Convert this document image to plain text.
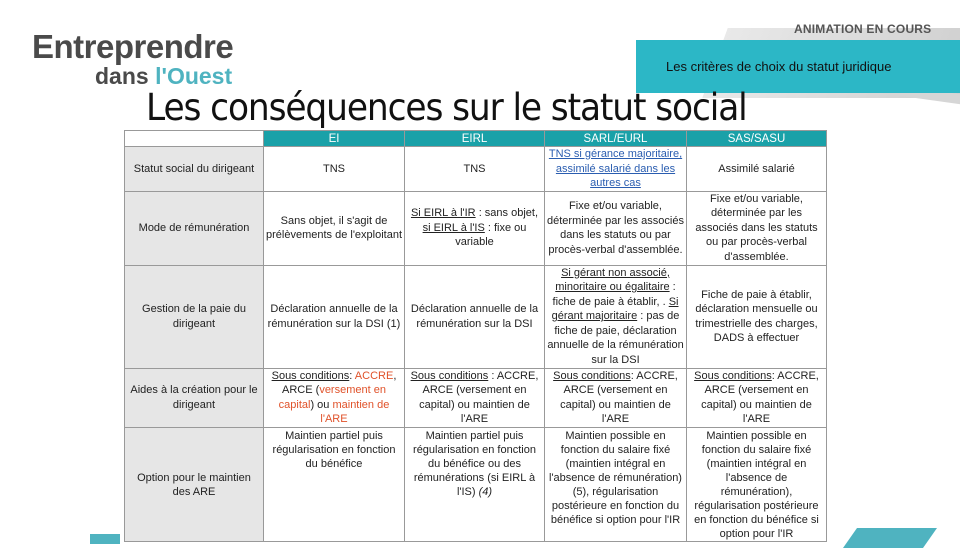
ANIMATION EN COURS
Les critères de choix du statut juridique
Entreprendre
dans l'Ouest
Les conséquences sur le statut social
	EI	EIRL	SARL/EURL	SAS/SASU
Statut social du dirigeant	TNS	TNS	TNS si gérance majoritaire, assimilé salarié dans les autres cas	Assimilé salarié
Mode de rémunération	Sans objet, il s'agit de prélèvements de l'exploitant	Si EIRL à l'IR : sans objet, si EIRL à l'IS : fixe ou variable	Fixe et/ou variable, déterminée par les associés dans les statuts ou par procès-verbal d'assemblée.	Fixe et/ou variable, déterminée par les associés dans les statuts ou par procès-verbal d'assemblée.
Gestion de la paie du dirigeant	Déclaration annuelle de la rémunération sur la DSI (1)	Déclaration annuelle de la rémunération sur la DSI	Si gérant non associé, minoritaire ou égalitaire : fiche de paie à établir, . Si gérant majoritaire : pas de fiche de paie, déclaration annuelle de la rémunération sur la DSI	Fiche de paie à établir, déclaration mensuelle ou trimestrielle des charges, DADS à effectuer
Aides à la création pour le dirigeant	Sous conditions: ACCRE, ARCE (versement en capital) ou maintien de l'ARE	Sous conditions : ACCRE, ARCE (versement en capital) ou maintien de l'ARE	Sous conditions: ACCRE, ARCE (versement en capital) ou maintien de l'ARE	Sous conditions: ACCRE, ARCE (versement en capital) ou maintien de l'ARE
Option pour le maintien des ARE	Maintien partiel puis régularisation en fonction du bénéfice	Maintien partiel puis régularisation en fonction du bénéfice ou des rémunérations (si EIRL à l'IS) (4)	Maintien possible en fonction du salaire fixé (maintien intégral en l'absence de rémunération) (5), régularisation postérieure en fonction du bénéfice si option pour l'IR	Maintien possible en fonction du salaire fixé (maintien intégral en l'absence de rémunération), régularisation postérieure en fonction du bénéfice si option pour l'IR
